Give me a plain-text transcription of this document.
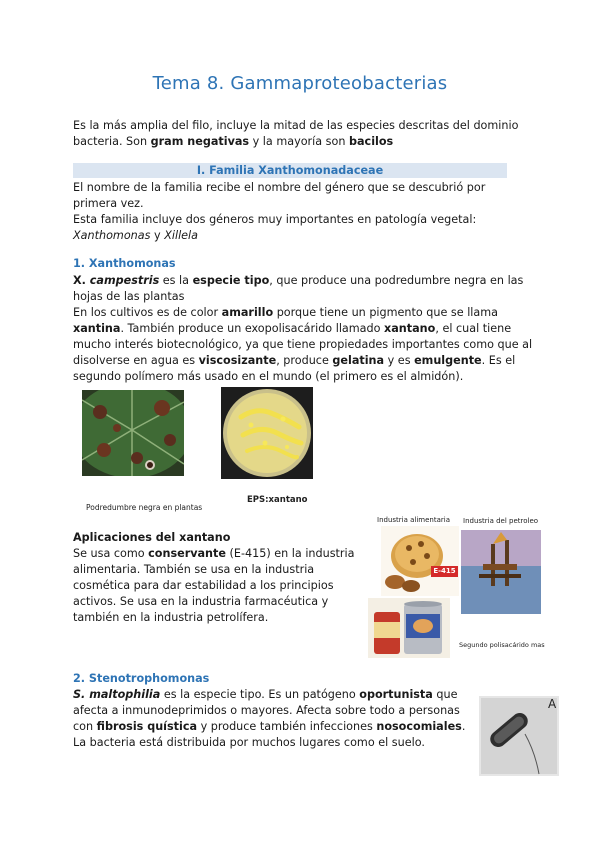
Tema 8. Gammaproteobacterias
Es la más amplia del filo, incluye la mitad de las especies descritas del dominio
bacteria. Son gram negativas y la mayoría son bacilos
I. Familia Xanthomonadaceae
El nombre de la familia recibe el nombre del género que se descubrió por
primera vez.
Esta familia incluye dos géneros muy importantes en patología vegetal:
Xanthomonas y Xillela
1. Xanthomonas
X. campestris es la especie tipo, que produce una podredumbre negra en las
hojas de las plantas
En los cultivos es de color amarillo porque tiene un pigmento que se llama
xantina. También produce un exopolisacárido llamado xantano, el cual tiene
mucho interés biotecnológico, ya que tiene propiedades importantes como que al
disolverse en agua es viscosizante, produce gelatina y es emulgente. Es el
segundo polímero más usado en el mundo (el primero es el almidón).
Podredumbre negra en plantas
EPS:xantano
Aplicaciones del xantano
Se usa como conservante (E-415) en la industria
alimentaria. También se usa en la industria
cosmética para dar estabilidad a los principios
activos. Se usa en la industria farmacéutica y
también en la industria petrolífera.
Industria alimentaria Industria del petroleo
E-415
Segundo polisacárido mas
2. Stenotrophomonas
S. maltophilia es la especie tipo. Es un patógeno oportunista que
afecta a inmunodeprimidos o mayores. Afecta sobre todo a personas
con fibrosis quística y produce también infecciones nosocomiales.
La bacteria está distribuida por muchos lugares como el suelo.
A
